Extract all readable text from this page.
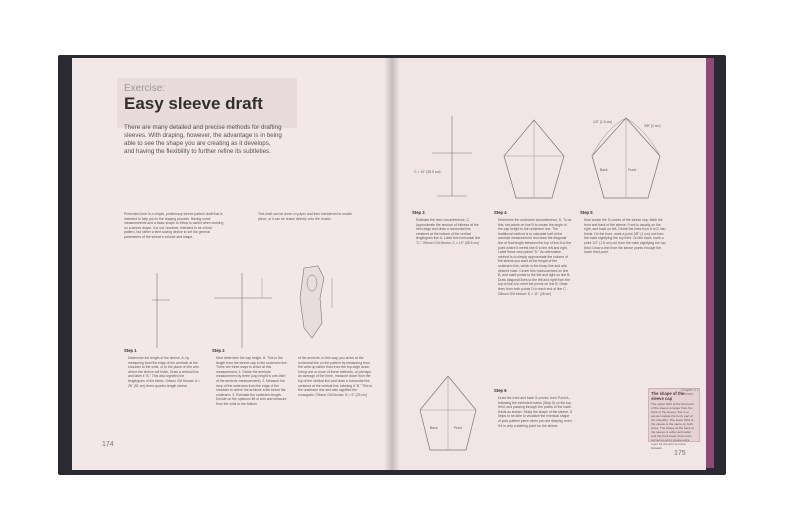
Exercise:
Easy sleeve draft
There are many detailed and precise methods for drafting sleeves. With draping, however, the advantage is in being able to see the shape you are creating as it develops, and having the flexibility to further refine its subtleties.
Presented here is a simple, preliminary sleeve pattern draft that is intended to help you in the draping process. Having some measurements and a basic shape to follow is useful when working on a sleeve drape. It is not, however, intended to be a final pattern, but rather a time-saving device to set the general parameters of the sleeve's volume and shape.
This draft can be done on paper and then transferred to muslin piece, or it can be drawn directly onto the muslin.
Step 1
Determine the length of the sleeve, A, by measuring from the edge of the armhole at the shoulder to the wrist, or to the place on the arm where the sleeve will finish. Draw a vertical line and label it "A." This also signifies the lengthgrain of the fabric. Gibson Girl blouse: A = 26" (51 cm) three-quarter-length sleeve
Step 2
Next determine the cap height, B. This is the length from the sleeve cap to the underarm line. There are three ways to arrive at this measurement: 1. Divide the armhole measurement by three (cap height is one-third of the armhole measurement). 2. Measure the drop of the underarm from the edge of the shoulder to where the armhole ends below the underarm. 3. Estimate the underarm length. Decide on the optimum lift of arm and measure from the wrist to the bottom
of the armhole. In this way, you arrive at the horizontal line on the pattern by measuring from the wrist up rather than from the top edge down. Using one or more of these methods, or perhaps an average of the three, measure down from the top of the vertical line and draw a horizontal line centered at the vertical line, labeling it "B." This is the underarm line and also signifies the crossgrain. Gibson Girl blouse: B = 9" (23 cm)
174
C = 14" (35.5 cm)
1/2" (1.5 cm)
3/8" (1 cm)
Back	Front
Back	Front
Step 3
Estimate the hem circumference, C. Approximate the amount of fullness at the hem edge and draw a horizontal line centered at the bottom of the vertical lengthgrain line A. Label this horizontal line "C." Gibson Girl blouse: C = 14" (35.5 cm)
Step 4
Determine the underarm circumference, D. To do this, set points on line B to create the angle of the cap height to the underarm line. The traditional method is to calculate half of the armhole measurement and draw the diagonal line of that length between the top of line A to the point where it meets line B to the left and right. Label these new points "D." An alternative method is to simply approximate the volume of the sleeve you want at the height of the underarm line, which is the bicep line and add desired ease. Center this measurement on line B, and mark points to the left and right on line B. Draw diagonal lines to the left and right from the top of line A to meet the points on line B. Draw lines from both points D to each end of line C. Gibson Girl blouse: D = 11" (28 cm)
Step 5
Now create the S-curves of the sleeve cap. Mark the front and back of the sleeve. Front is usually on the right, and back on left. Divide the lines from A to D into thirds. On the front, mark a point 3/8" (1 cm) out from the mark signifying the top third. On the back, mark a point 1/2" (1.5 cm) out from the mark signifying the top third. Draw a line from the above points through the lower third point.
Step 6
Draw the front and back S-curves, from Point A, following the extended marks (Step 5) on the top third, and passing through the points of the lower thirds as shown. Study the shape of the sleeve. It helps to be able to visualize the eventual shape of your pattern piece when you are draping, even if it is only a starting point for the sleeve.
The shape of the sleeve cap
The upper third of the front part of the sleeve is larger than the back of the sleeve; this is to accommodate the bony part of the shoulder. The lower third of the sleeve is the same on both sides. The shape at the back of the sleeve is softer and wider and the front lower third more curved so as to create extra room for the arm to move forward.
Chapter 3.2 Sleeves
175
